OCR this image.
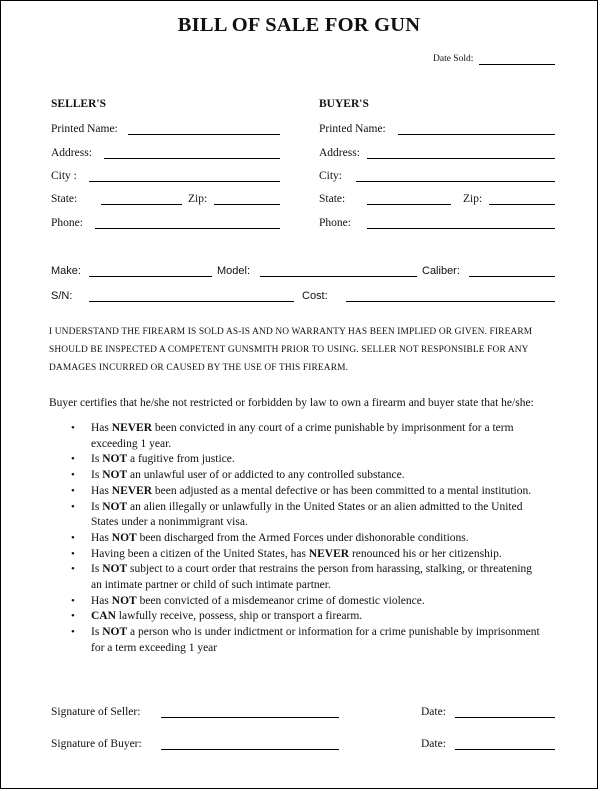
BILL OF SALE FOR GUN
Date Sold:
SELLER'S
Printed Name:
Address:
City :
State:	Zip:
Phone:
BUYER'S
Printed Name:
Address:
City:
State:	Zip:
Phone:
Make:	Model:	Caliber:
S/N:	Cost:
I UNDERSTAND THE FIREARM IS SOLD AS-IS AND NO WARRANTY HAS BEEN IMPLIED OR GIVEN. FIREARM SHOULD BE INSPECTED A COMPETENT GUNSMITH PRIOR TO USING. SELLER NOT RESPONSIBLE FOR ANY DAMAGES INCURRED OR CAUSED BY THE USE OF THIS FIREARM.
Buyer certifies that he/she not restricted or forbidden by law to own a firearm and buyer state that he/she:
• Has NEVER been convicted in any court of a crime punishable by imprisonment for a term exceeding 1 year.
• Is NOT a fugitive from justice.
• Is NOT an unlawful user of or addicted to any controlled substance.
• Has NEVER been adjusted as a mental defective or has been committed to a mental institution.
• Is NOT an alien illegally or unlawfully in the United States or an alien admitted to the United States under a nonimmigrant visa.
• Has NOT been discharged from the Armed Forces under dishonorable conditions.
• Having been a citizen of the United States, has NEVER renounced his or her citizenship.
• Is NOT subject to a court order that restrains the person from harassing, stalking, or threatening an intimate partner or child of such intimate partner.
• Has NOT been convicted of a misdemeanor crime of domestic violence.
• CAN lawfully receive, possess, ship or transport a firearm.
• Is NOT a person who is under indictment or information for a crime punishable by imprisonment for a term exceeding 1 year
Signature of Seller:	Date:
Signature of Buyer:	Date:
